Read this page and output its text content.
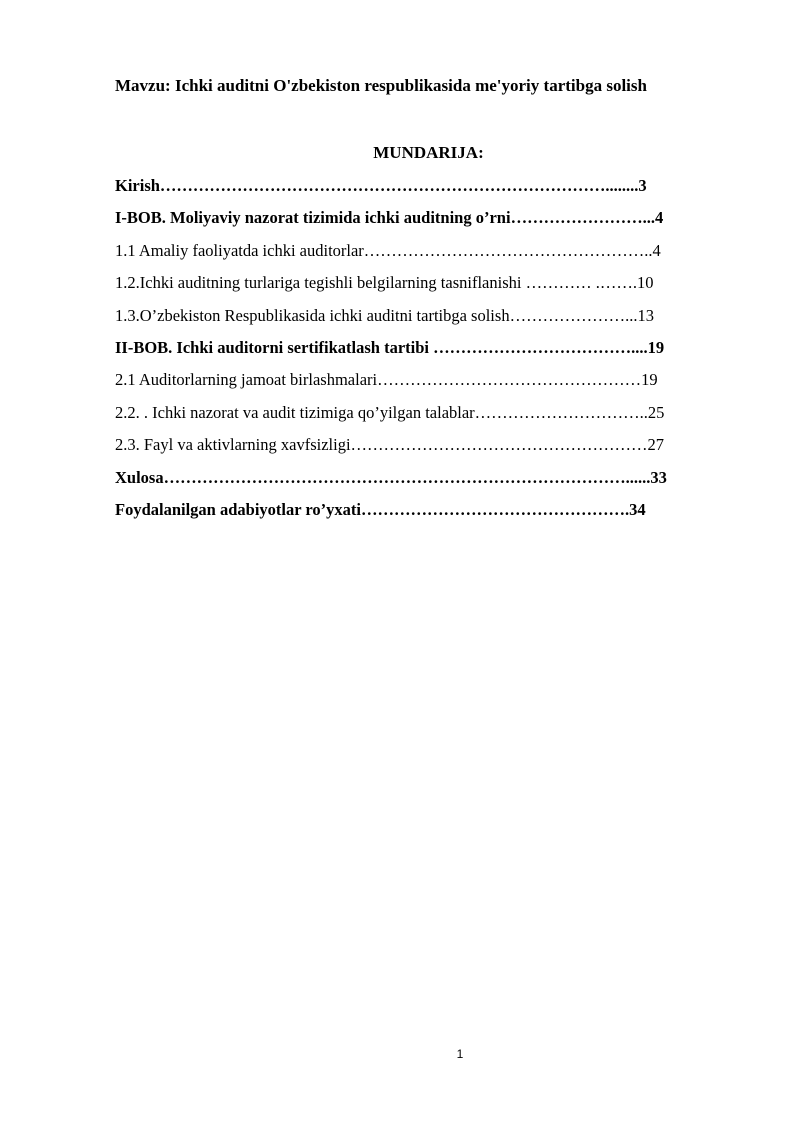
Mavzu: Ichki auditni O'zbekiston respublikasida me'yoriy tartibga solish

MUNDARIJA:

Kirish………………………………………………………………………........3
I-BOB. Moliyaviy nazorat tizimida ichki auditning o’rni……………………...4
1.1 Amaliy faoliyatda ichki auditorlar……………………………………………..4
1.2.Ichki auditning turlariga tegishli belgilarning tasniflanishi ………… .…….10
1.3.O’zbekiston Respublikasida ichki auditni tartibga solish…………………...13
II-BOB. Ichki auditorni sertifikatlash tartibi ………………………………....19
2.1 Auditorlarning jamoat birlashmalari…………………………………………19
2.2. . Ichki nazorat va audit tizimiga qo’yilgan talablar…………………………..25
2.3. Fayl va aktivlarning xavfsizligi………………………………………………27
Xulosa…………………………………………………………………………......33
Foydalanilgan adabiyotlar ro’yxati………………………………………….34
1
